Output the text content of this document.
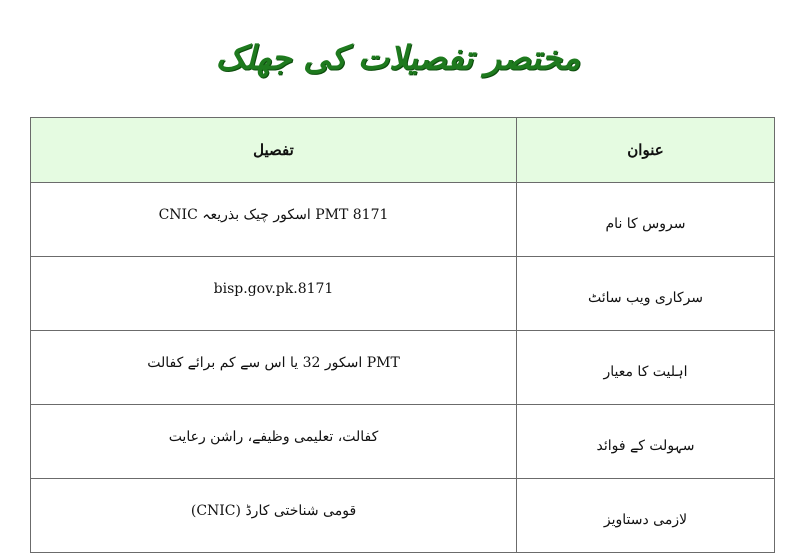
مختصر تفصیلات کی جھلک
عنوان	تفصیل
سروس کا نام	8171 PMT اسکور چیک بذریعہ CNIC
سرکاری ویب سائٹ	8171.bisp.gov.pk
اہلیت کا معیار	PMT اسکور 32 یا اس سے کم برائے کفالت
سہولت کے فوائد	کفالت، تعلیمی وظیفے، راشن رعایت
لازمی دستاویز	قومی شناختی کارڈ (CNIC)
